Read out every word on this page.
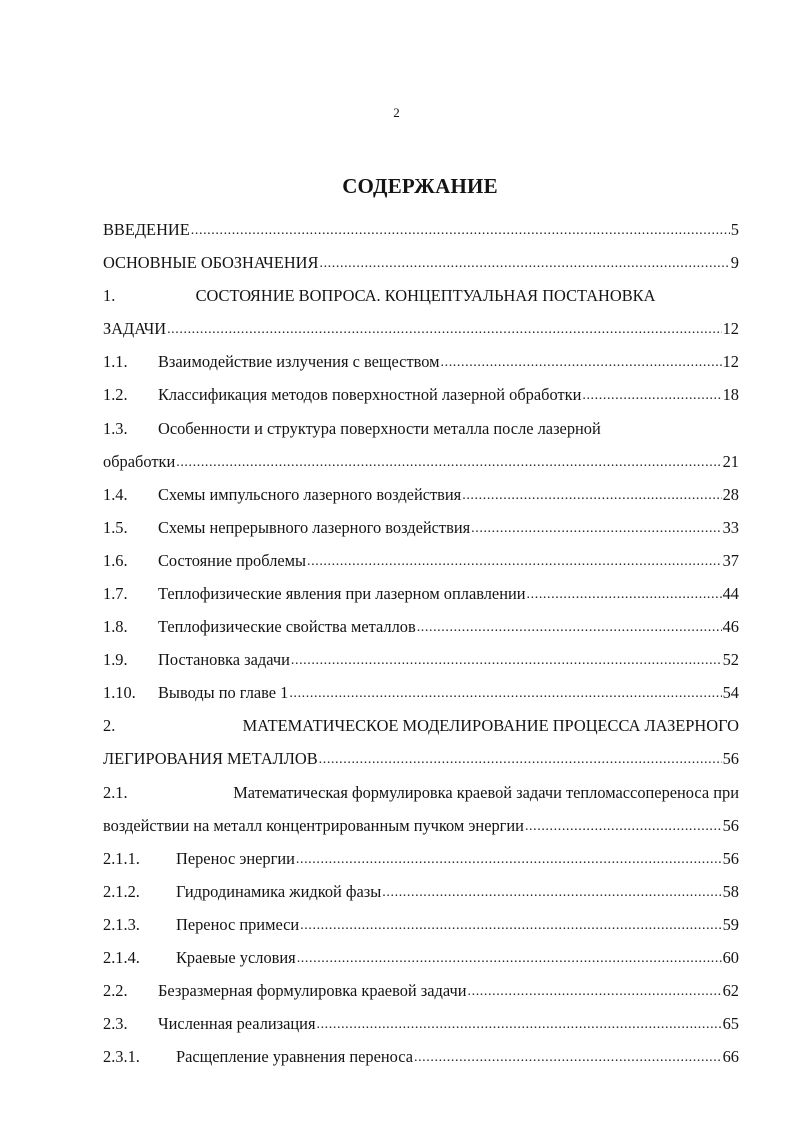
2
СОДЕРЖАНИЕ
ВВЕДЕНИЕ .....	5
ОСНОВНЫЕ ОБОЗНАЧЕНИЯ .....	9
1.	СОСТОЯНИЕ ВОПРОСА. КОНЦЕПТУАЛЬНАЯ ПОСТАНОВКА
ЗАДАЧИ .....	12
1.1.	Взаимодействие излучения с веществом .....	12
1.2.	Классификация методов поверхностной лазерной обработки .....	18
1.3.	Особенности и структура поверхности металла после лазерной
обработки .....	21
1.4.	Схемы импульсного лазерного воздействия .....	28
1.5.	Схемы непрерывного лазерного воздействия .....	33
1.6.	Состояние проблемы .....	37
1.7.	Теплофизические явления при лазерном оплавлении .....	44
1.8.	Теплофизические свойства металлов .....	46
1.9.	Постановка задачи .....	52
1.10.	Выводы по главе 1 .....	54
2.	МАТЕМАТИЧЕСКОЕ МОДЕЛИРОВАНИЕ ПРОЦЕССА ЛАЗЕРНОГО
ЛЕГИРОВАНИЯ МЕТАЛЛОВ .....	56
2.1.	Математическая формулировка краевой задачи тепломассопереноса при
воздействии на металл концентрированным пучком энергии .....	56
2.1.1.	Перенос энергии .....	56
2.1.2.	Гидродинамика жидкой фазы .....	58
2.1.3.	Перенос примеси .....	59
2.1.4.	Краевые условия .....	60
2.2.	Безразмерная формулировка краевой задачи .....	62
2.3.	Численная реализация .....	65
2.3.1.	Расщепление уравнения переноса .....	66
